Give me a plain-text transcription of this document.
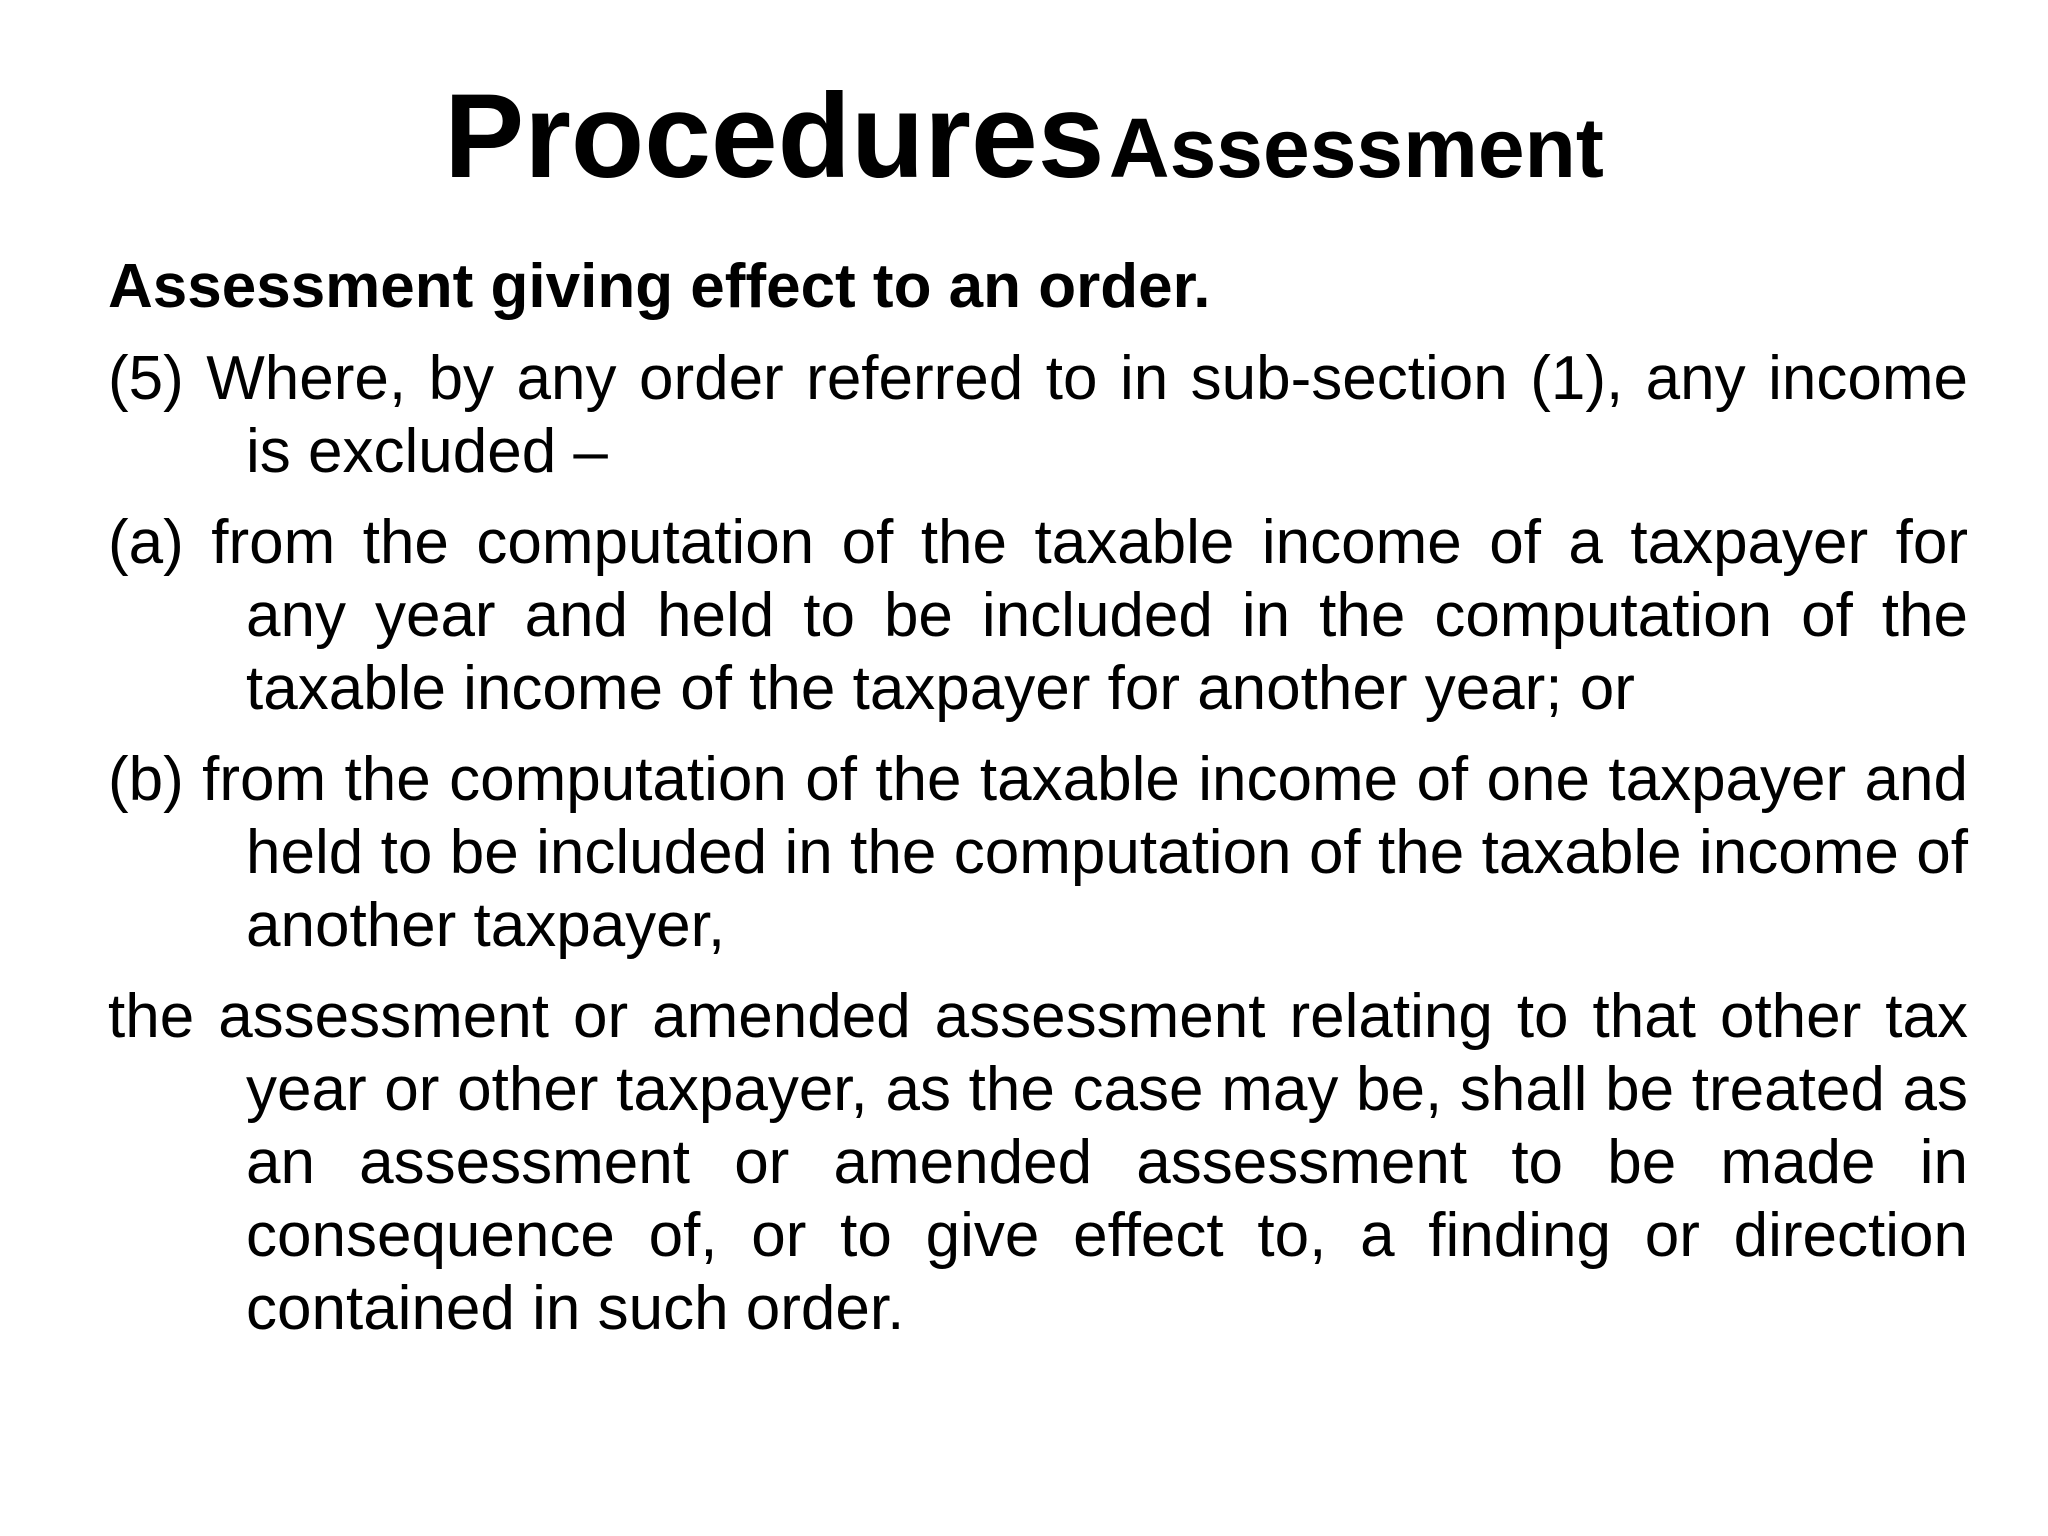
Procedures Assessment
Assessment giving effect to an order.
(5) Where, by any order referred to in sub-section (1), any income is excluded –
(a) from the computation of the taxable income of a taxpayer for any year and held to be included in the computation of the taxable income of the taxpayer for another year; or
(b) from the computation of the taxable income of one taxpayer and held to be included in the computation of the taxable income of another taxpayer,
the assessment or amended assessment relating to that other tax year or other taxpayer, as the case may be, shall be treated as an assessment or amended assessment to be made in consequence of, or to give effect to, a finding or direction contained in such order.
